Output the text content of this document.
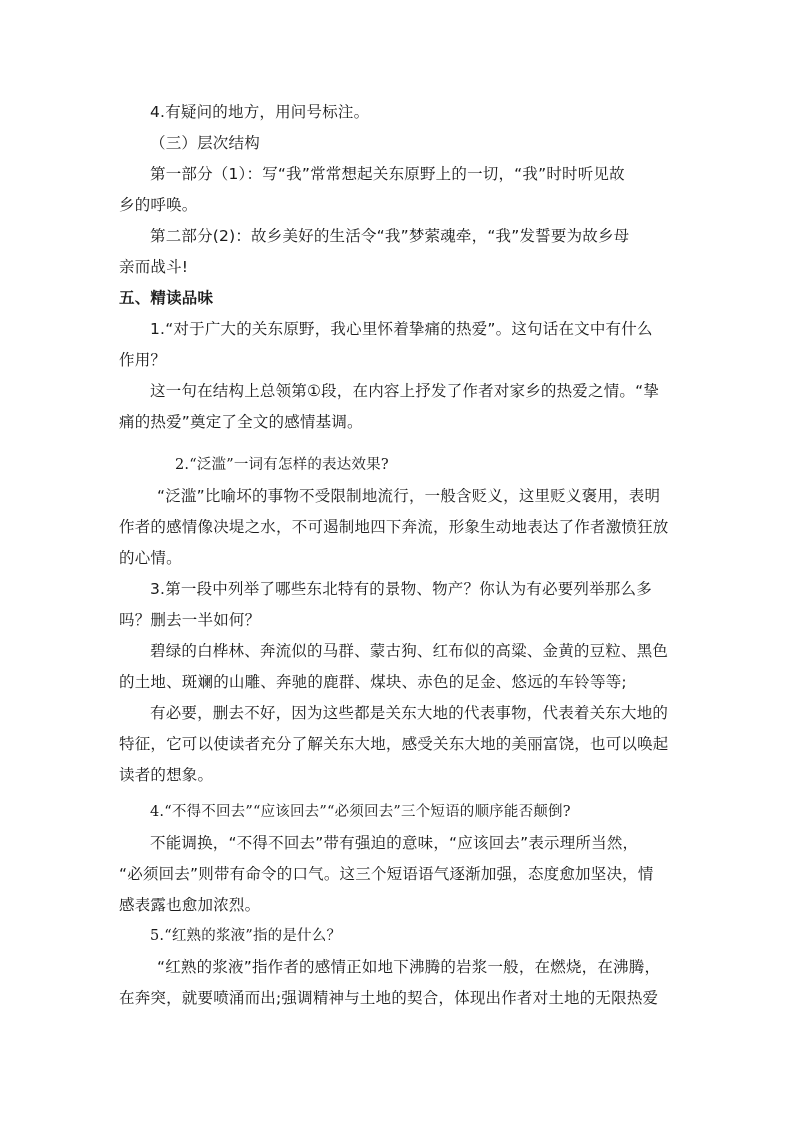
4.有疑问的地方，用问号标注。
（三）层次结构
第一部分（1）：写“我”常常想起关东原野上的一切，“我”时时听见故
乡的呼唤。
第二部分(2)：故乡美好的生活令“我”梦萦魂牵，“我”发誓要为故乡母
亲而战斗!
五、精读品味
1.“对于广大的关东原野，我心里怀着挚痛的热爱”。这句话在文中有什么
作用？
这一句在结构上总领第①段，在内容上抒发了作者对家乡的热爱之情。“挚
痛的热爱”奠定了全文的感情基调。
2.“泛滥”一词有怎样的表达效果?
“泛滥”比喻坏的事物不受限制地流行，一般含贬义，这里贬义褒用，表明
作者的感情像决堤之水，不可遏制地四下奔流，形象生动地表达了作者激愤狂放
的心情。
3.第一段中列举了哪些东北特有的景物、物产？你认为有必要列举那么多
吗？删去一半如何？
碧绿的白桦林、奔流似的马群、蒙古狗、红布似的高粱、金黄的豆粒、黑色
的土地、斑斓的山雕、奔驰的鹿群、煤块、赤色的足金、悠远的车铃等等;
有必要，删去不好，因为这些都是关东大地的代表事物，代表着关东大地的
特征，它可以使读者充分了解关东大地，感受关东大地的美丽富饶，也可以唤起
读者的想象。
4.“不得不回去”“应该回去”“必须回去”三个短语的顺序能否颠倒?
不能调换，“不得不回去”带有强迫的意味，“应该回去”表示理所当然，
“必须回去”则带有命令的口气。这三个短语语气逐渐加强，态度愈加坚决，情
感表露也愈加浓烈。
5.“红熟的浆液”指的是什么？
“红熟的浆液”指作者的感情正如地下沸腾的岩浆一般，在燃烧，在沸腾，
在奔突，就要喷涌而出;强调精神与土地的契合，体现出作者对土地的无限热爱
